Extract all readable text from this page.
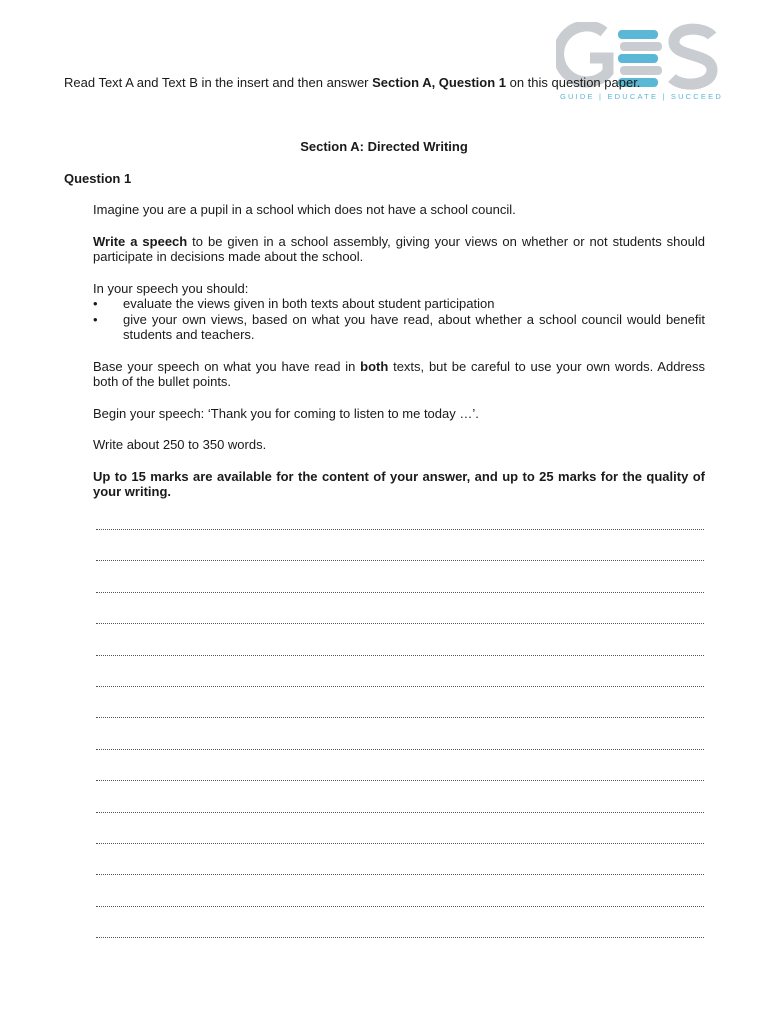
GUIDE | EDUCATE | SUCCEED
Read Text A and Text B in the insert and then answer Section A, Question 1 on this question paper.
Section A: Directed Writing
Question 1

Imagine you are a pupil in a school which does not have a school council.

Write a speech to be given in a school assembly, giving your views on whether or not students should participate in decisions made about the school.

In your speech you should:

• evaluate the views given in both texts about student participation
• give your own views, based on what you have read, about whether a school council would benefit students and teachers.

Base your speech on what you have read in both texts, but be careful to use your own words. Address both of the bullet points.

Begin your speech: ‘Thank you for coming to listen to me today …’.

Write about 250 to 350 words.

Up to 15 marks are available for the content of your answer, and up to 25 marks for the quality of your writing.
